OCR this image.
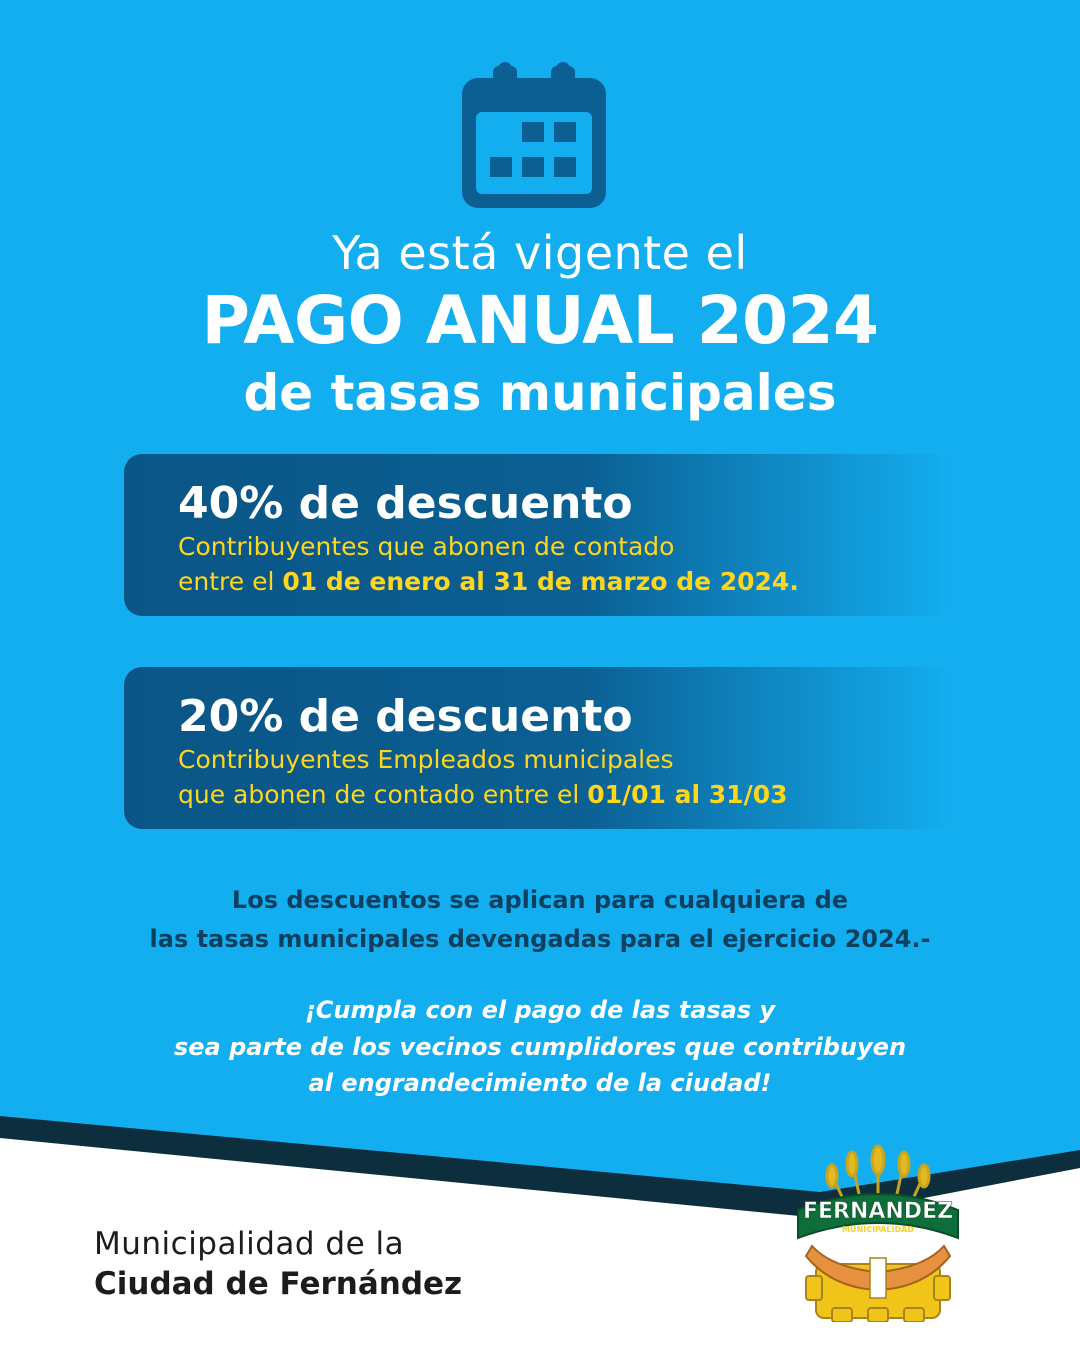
Ya está vigente el

PAGO ANUAL 2024

de tasas municipales

40% de descuento

Contribuyentes que abonen de contado

entre el 01 de enero al 31 de marzo de 2024.

20% de descuento

Contribuyentes Empleados municipales

que abonen de contado entre el 01/01 al 31/03

Los descuentos se aplican para cualquiera de

las tasas municipales devengadas para el ejercicio 2024.-

¡Cumpla con el pago de las tasas y

sea parte de los vecinos cumplidores que contribuyen

al engrandecimiento de la ciudad!

Municipalidad de la

Ciudad de Fernández

FERNANDEZ
MUNICIPALIDAD
